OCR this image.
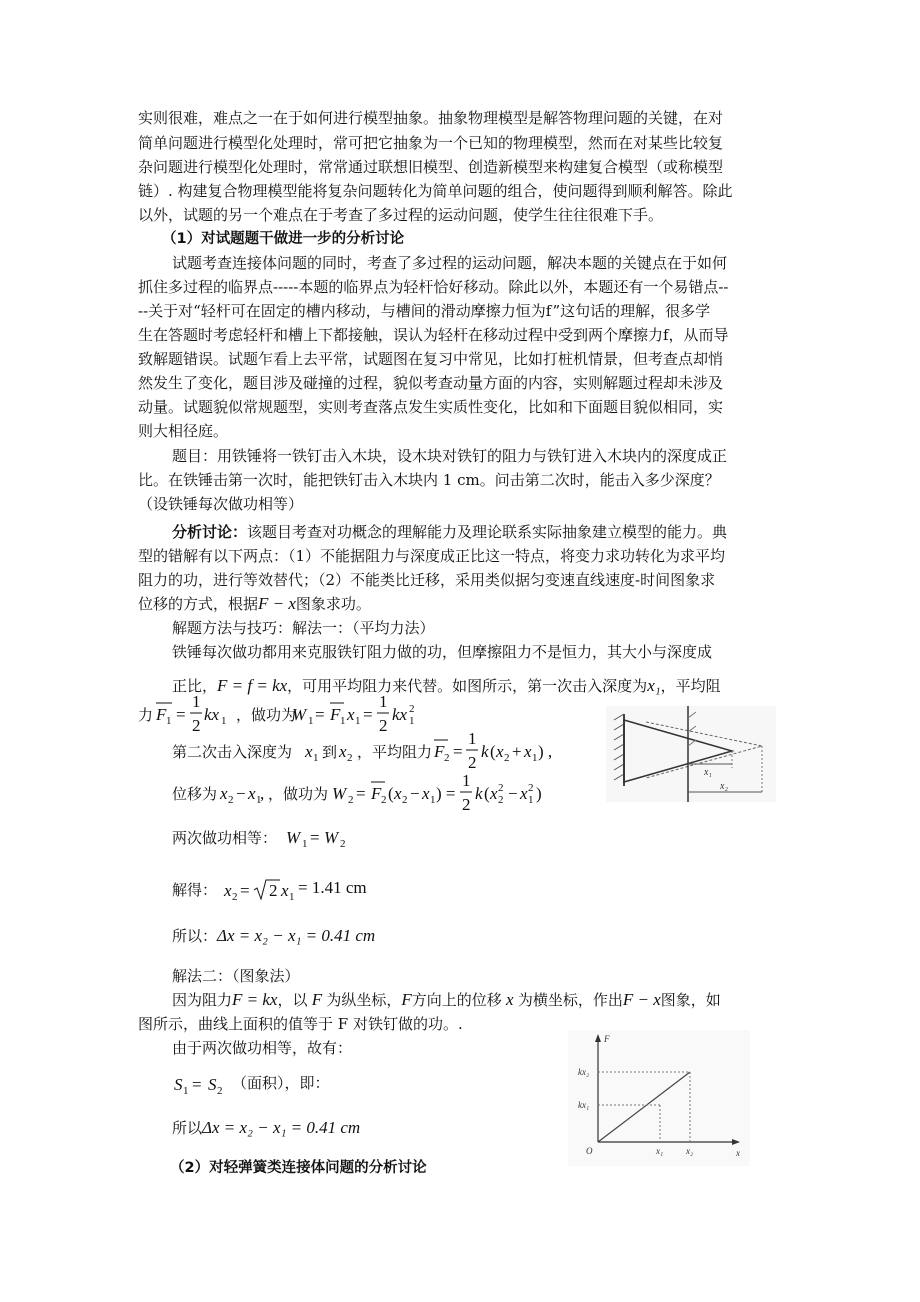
实则很难，难点之一在于如何进行模型抽象。抽象物理模型是解答物理问题的关键，在对
简单问题进行模型化处理时，常可把它抽象为一个已知的物理模型，然而在对某些比较复
杂问题进行模型化处理时，常常通过联想旧模型、创造新模型来构建复合模型（或称模型
链）. 构建复合物理模型能将复杂问题转化为简单问题的组合，使问题得到顺利解答。除此
以外，试题的另一个难点在于考查了多过程的运动问题，使学生往往很难下手。
（1）对试题题干做进一步的分析讨论
试题考查连接体问题的同时，考查了多过程的运动问题，解决本题的关键点在于如何
抓住多过程的临界点-----本题的临界点为轻杆恰好移动。除此以外，本题还有一个易错点--
--关于对“轻杆可在固定的槽内移动，与槽间的滑动摩擦力恒为f”这句话的理解，很多学
生在答题时考虑轻杆和槽上下都接触，误认为轻杆在移动过程中受到两个摩擦力f，从而导
致解题错误。试题乍看上去平常，试题图在复习中常见，比如打桩机情景，但考查点却悄
然发生了变化，题目涉及碰撞的过程，貌似考查动量方面的内容，实则解题过程却未涉及
动量。试题貌似常规题型，实则考查落点发生实质性变化，比如和下面题目貌似相同，实
则大相径庭。
题目：用铁锤将一铁钉击入木块，设木块对铁钉的阻力与铁钉进入木块内的深度成正
比。在铁锤击第一次时，能把铁钉击入木块内 1 cm。问击第二次时，能击入多少深度？
（设铁锤每次做功相等）
分析讨论：该题目考查对功概念的理解能力及理论联系实际抽象建立模型的能力。典
型的错解有以下两点：（1）不能据阻力与深度成正比这一特点，将变力求功转化为求平均
阻力的功，进行等效替代；（2）不能类比迁移，采用类似据匀变速直线速度-时间图象求
位移的方式，根据F − x图象求功。
解题方法与技巧：解法一：（平均力法）
铁锤每次做功都用来克服铁钉阻力做的功，但摩擦阻力不是恒力，其大小与深度成
正比，F = f = kx，可用平均阻力来代替。如图所示，第一次击入深度为x₁，平均阻
力 F 1 =
1
2
kx 1	W 1 = F 1 x 1 =
1
2
kx 1
2
，做功为
第二次击入深度为 x 1 x 2	F 2 =
1
2
k ( x 2 + x 1 ) ,
到 ，平均阻力
位移为 x 2 − x 1
,	W 2 = F 2 ( x 2 − x 1 ) =
1
2
k ( x 2
2 − x 1
2 )
，做功为
两次做功相等： W 1 = W 2
解得： x 2 = 2 x 1 = 1.41 cm
所以：Δx = x₂ − x₁ = 0.41 cm
解法二：（图象法）
因为阻力F = kx，以 F 为纵坐标，F方向上的位移 x 为横坐标，作出F − x图象，如
图所示，曲线上面积的值等于 F 对铁钉做的功。.
由于两次做功相等，故有：
S 1 = S 2 （面积），即：
所以Δx = x₂ − x₁ = 0.41 cm
（2）对轻弹簧类连接体问题的分析讨论
x₁
x₂
F
x
O
kx₂
kx₁
x₁	x₂
